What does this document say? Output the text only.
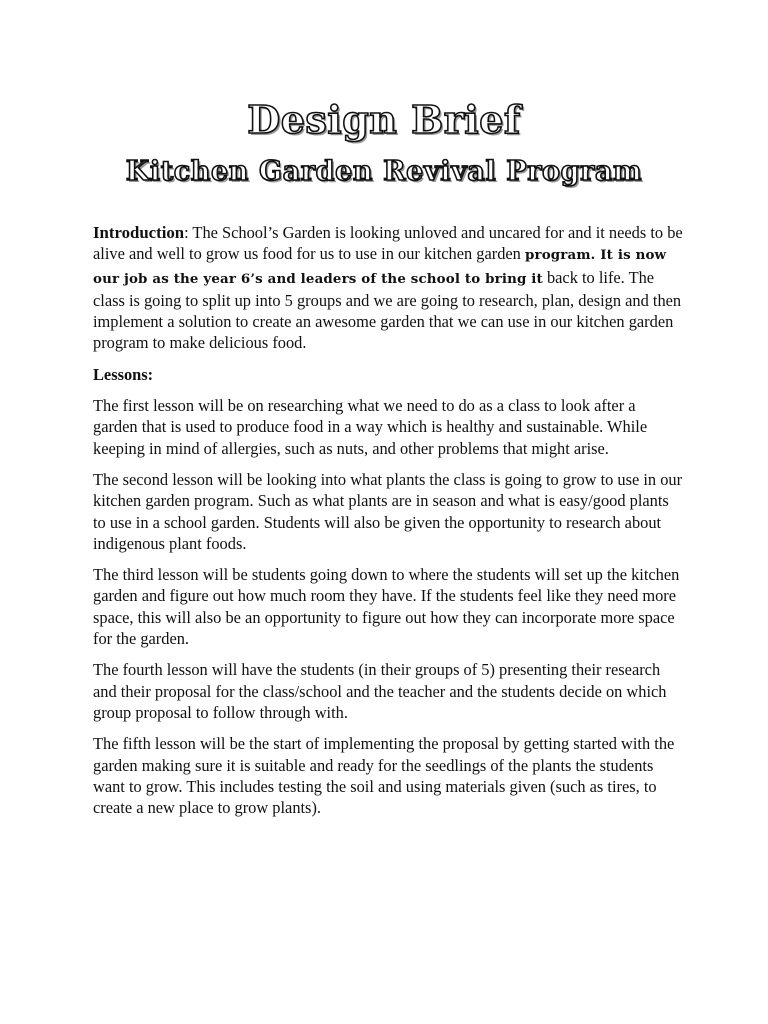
Design Brief
Kitchen Garden Revival Program

Introduction: The School’s Garden is looking unloved and uncared for and it needs to be alive and well to grow us food for us to use in our kitchen garden program. It is now our job as the year 6’s and leaders of the school to bring it back to life. The class is going to split up into 5 groups and we are going to research, plan, design and then implement a solution to create an awesome garden that we can use in our kitchen garden program to make delicious food.

Lessons:

The first lesson will be on researching what we need to do as a class to look after a garden that is used to produce food in a way which is healthy and sustainable. While keeping in mind of allergies, such as nuts, and other problems that might arise.

The second lesson will be looking into what plants the class is going to grow to use in our kitchen garden program. Such as what plants are in season and what is easy/good plants to use in a school garden. Students will also be given the opportunity to research about indigenous plant foods.

The third lesson will be students going down to where the students will set up the kitchen garden and figure out how much room they have. If the students feel like they need more space, this will also be an opportunity to figure out how they can incorporate more space for the garden.

The fourth lesson will have the students (in their groups of 5) presenting their research and their proposal for the class/school and the teacher and the students decide on which group proposal to follow through with.

The fifth lesson will be the start of implementing the proposal by getting started with the garden making sure it is suitable and ready for the seedlings of the plants the students want to grow. This includes testing the soil and using materials given (such as tires, to create a new place to grow plants).
